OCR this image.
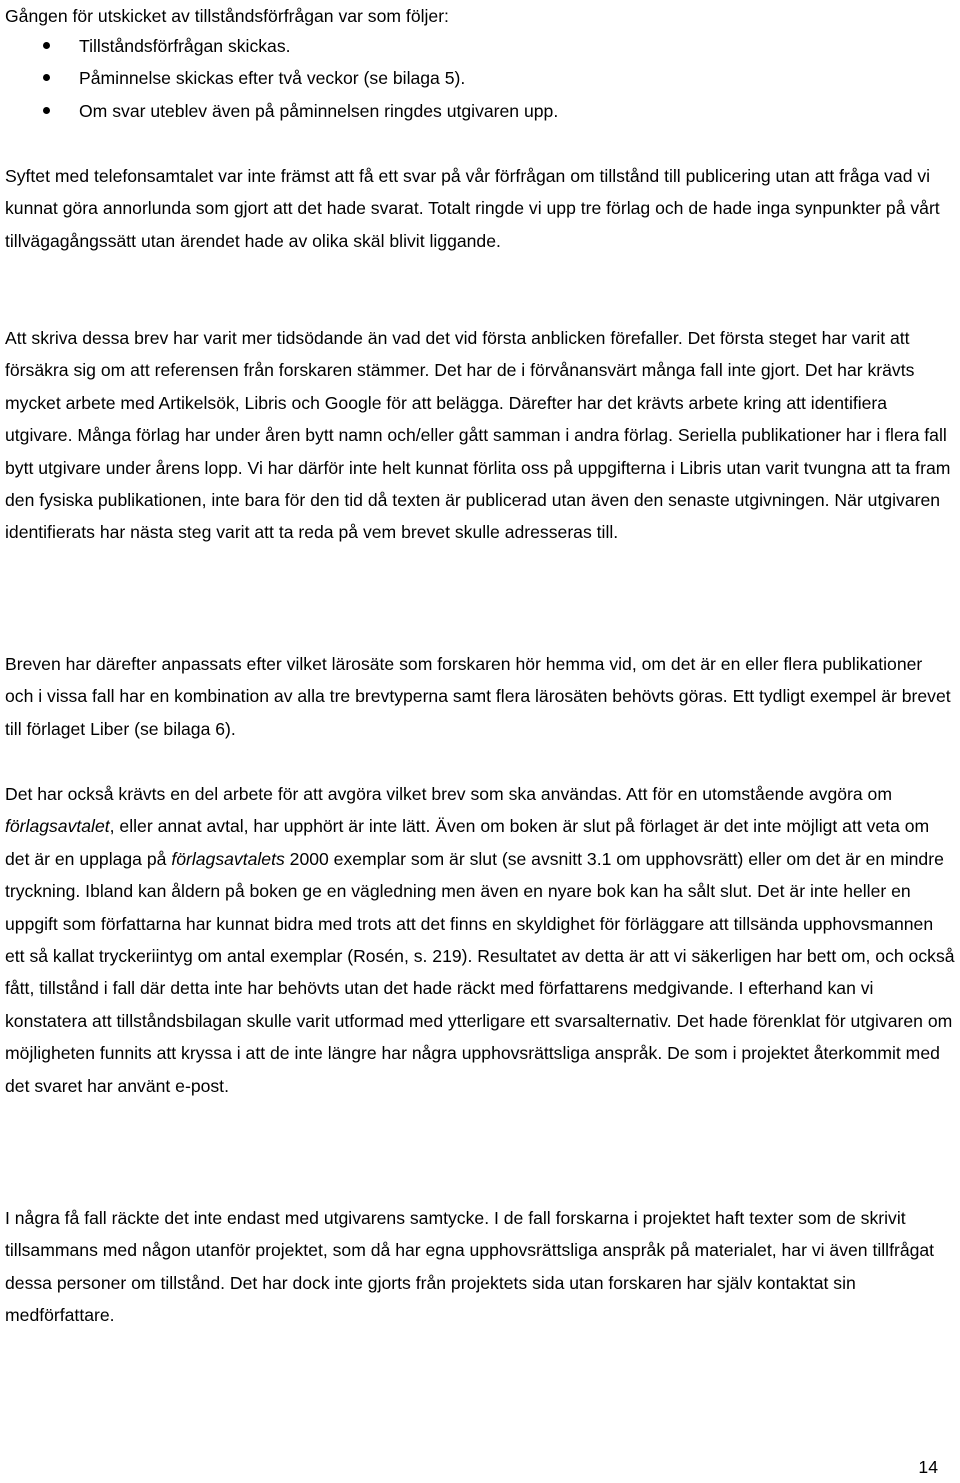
Gången för utskicket av tillståndsförfrågan var som följer:

Tillståndsförfrågan skickas.
Påminnelse skickas efter två veckor (se bilaga 5).
Om svar uteblev även på påminnelsen ringdes utgivaren upp.

Syftet med telefonsamtalet var inte främst att få ett svar på vår förfrågan om tillstånd till publicering utan att fråga vad vi kunnat göra annorlunda som gjort att det hade svarat. Totalt ringde vi upp tre förlag och de hade inga synpunkter på vårt tillvägagångssätt utan ärendet hade av olika skäl blivit liggande.

Att skriva dessa brev har varit mer tidsödande än vad det vid första anblicken förefaller. Det första steget har varit att försäkra sig om att referensen från forskaren stämmer. Det har de i förvånansvärt många fall inte gjort. Det har krävts mycket arbete med Artikelsök, Libris och Google för att belägga. Därefter har det krävts arbete kring att identifiera utgivare. Många förlag har under åren bytt namn och/eller gått samman i andra förlag. Seriella publikationer har i flera fall bytt utgivare under årens lopp. Vi har därför inte helt kunnat förlita oss på uppgifterna i Libris utan varit tvungna att ta fram den fysiska publikationen, inte bara för den tid då texten är publicerad utan även den senaste utgivningen. När utgivaren identifierats har nästa steg varit att ta reda på vem brevet skulle adresseras till.

Breven har därefter anpassats efter vilket lärosäte som forskaren hör hemma vid, om det är en eller flera publikationer och i vissa fall har en kombination av alla tre brevtyperna samt flera lärosäten behövts göras. Ett tydligt exempel är brevet till förlaget Liber (se bilaga 6).

Det har också krävts en del arbete för att avgöra vilket brev som ska användas. Att för en utomstående avgöra om förlagsavtalet, eller annat avtal, har upphört är inte lätt. Även om boken är slut på förlaget är det inte möjligt att veta om det är en upplaga på förlagsavtalets 2000 exemplar som är slut (se avsnitt 3.1 om upphovsrätt) eller om det är en mindre tryckning. Ibland kan åldern på boken ge en vägledning men även en nyare bok kan ha sålt slut. Det är inte heller en uppgift som författarna har kunnat bidra med trots att det finns en skyldighet för förläggare att tillsända upphovsmannen ett så kallat tryckeriintyg om antal exemplar (Rosén, s. 219). Resultatet av detta är att vi säkerligen har bett om, och också fått, tillstånd i fall där detta inte har behövts utan det hade räckt med författarens medgivande. I efterhand kan vi konstatera att tillståndsbilagan skulle varit utformad med ytterligare ett svarsalternativ. Det hade förenklat för utgivaren om möjligheten funnits att kryssa i att de inte längre har några upphovsrättsliga anspråk. De som i projektet återkommit med det svaret har använt e-post.

I några få fall räckte det inte endast med utgivarens samtycke. I de fall forskarna i projektet haft texter som de skrivit tillsammans med någon utanför projektet, som då har egna upphovsrättsliga anspråk på materialet, har vi även tillfrågat dessa personer om tillstånd. Det har dock inte gjorts från projektets sida utan forskaren har själv kontaktat sin medförfattare.

14
